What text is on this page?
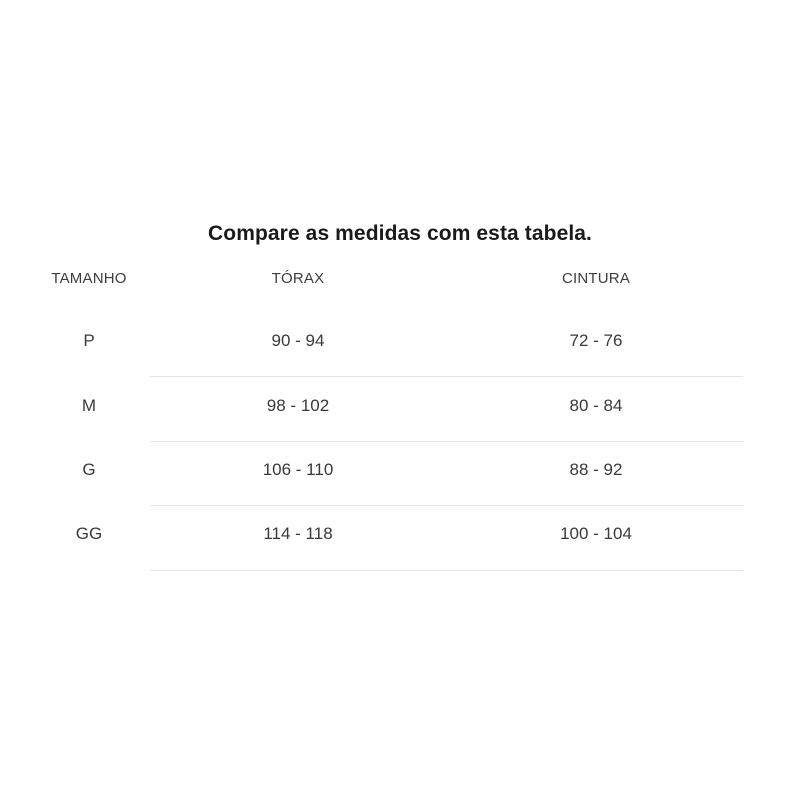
Compare as medidas com esta tabela.
TAMANHO	TÓRAX	CINTURA
P	90 - 94	72 - 76
M	98 - 102	80 - 84
G	106 - 110	88 - 92
GG	114 - 118	100 - 104
